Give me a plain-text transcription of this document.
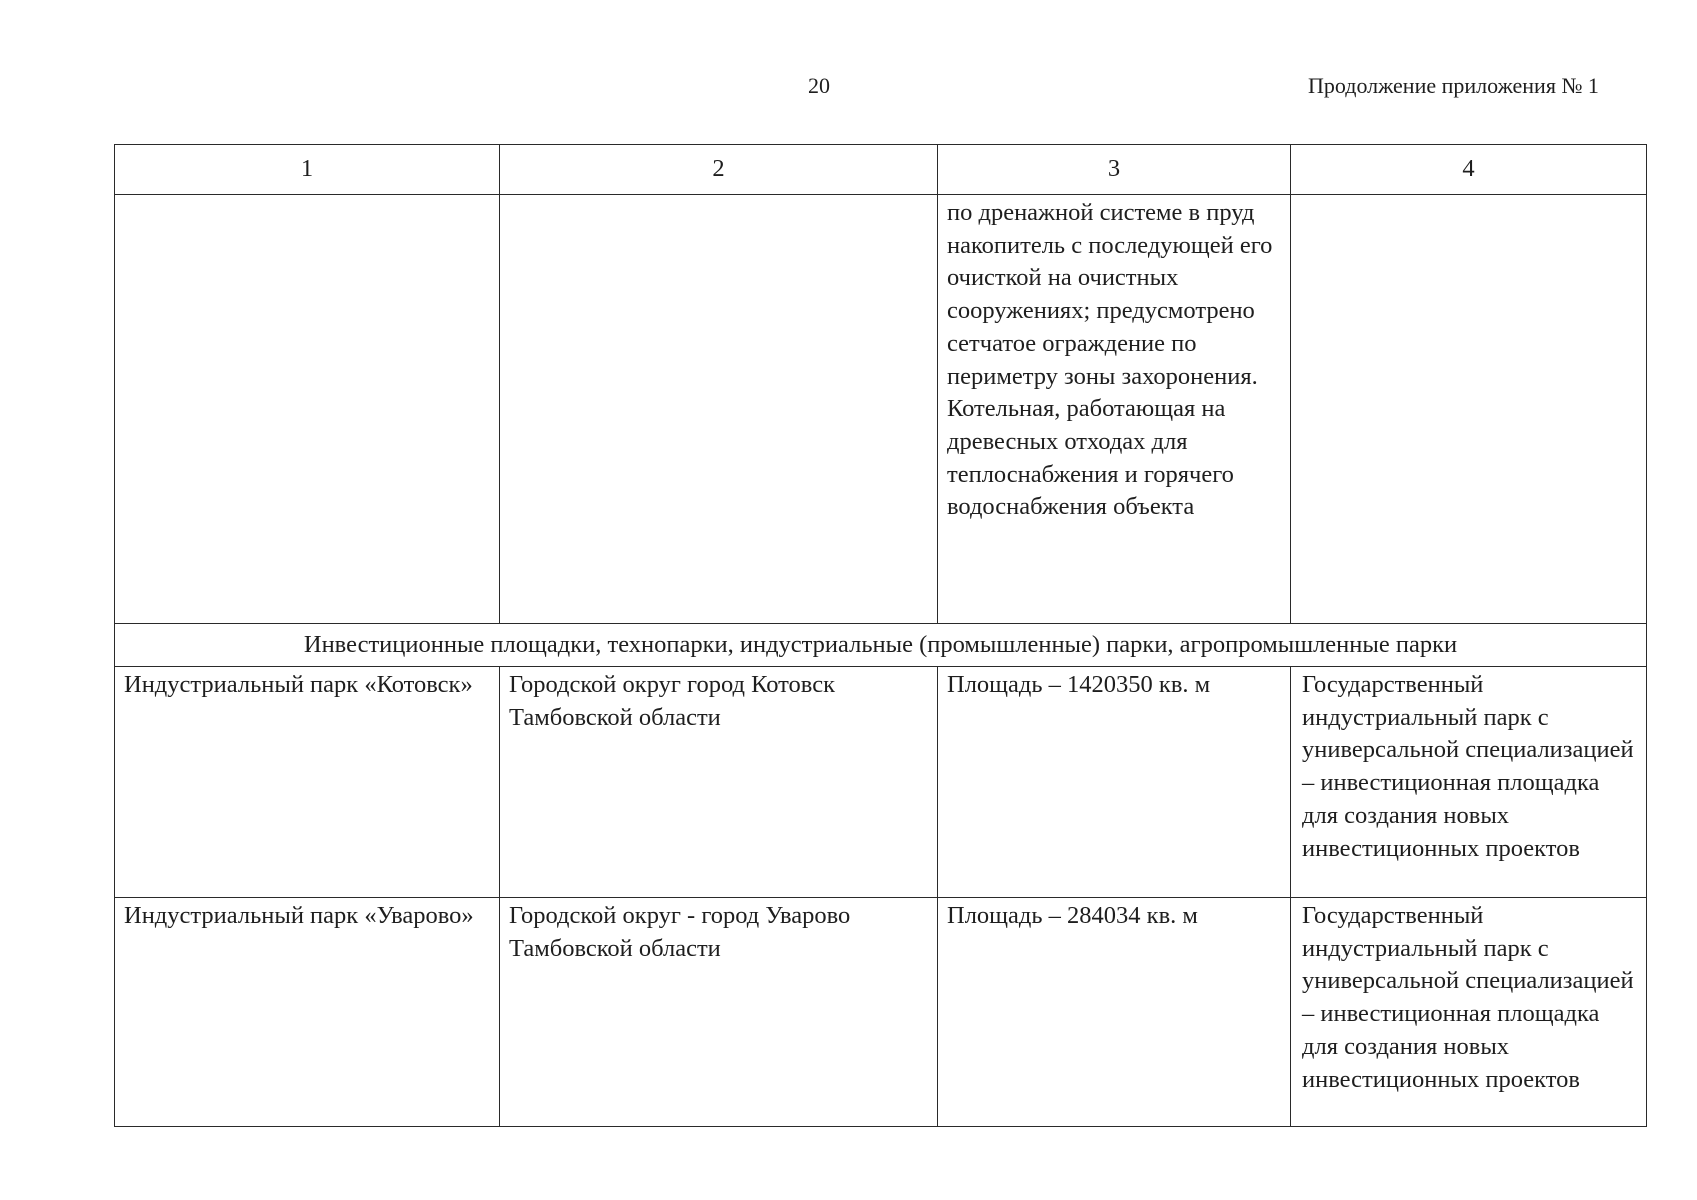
20	Продолжение приложения № 1
1	2	3	4

		по дренажной системе в пруд накопитель с последующей его очисткой на очистных сооружениях; предусмотрено сетчатое ограждение по периметру зоны захоронения. Котельная, работающая на древесных отходах для теплоснабжения и горячего водоснабжения объекта	

Инвестиционные площадки, технопарки, индустриальные (промышленные) парки, агропромышленные парки			

Индустриальный парк «Котовск»	Городской округ город Котовск Тамбовской области	Площадь – 1420350 кв. м	Государственный индустриальный парк с универсальной специализацией – инвестиционная площадка для создания новых инвестиционных проектов

Индустриальный парк «Уварово»	Городской округ - город Уварово Тамбовской области	Площадь – 284034 кв. м	Государственный индустриальный парк с универсальной специализацией – инвестиционная площадка для создания новых инвестиционных проектов
